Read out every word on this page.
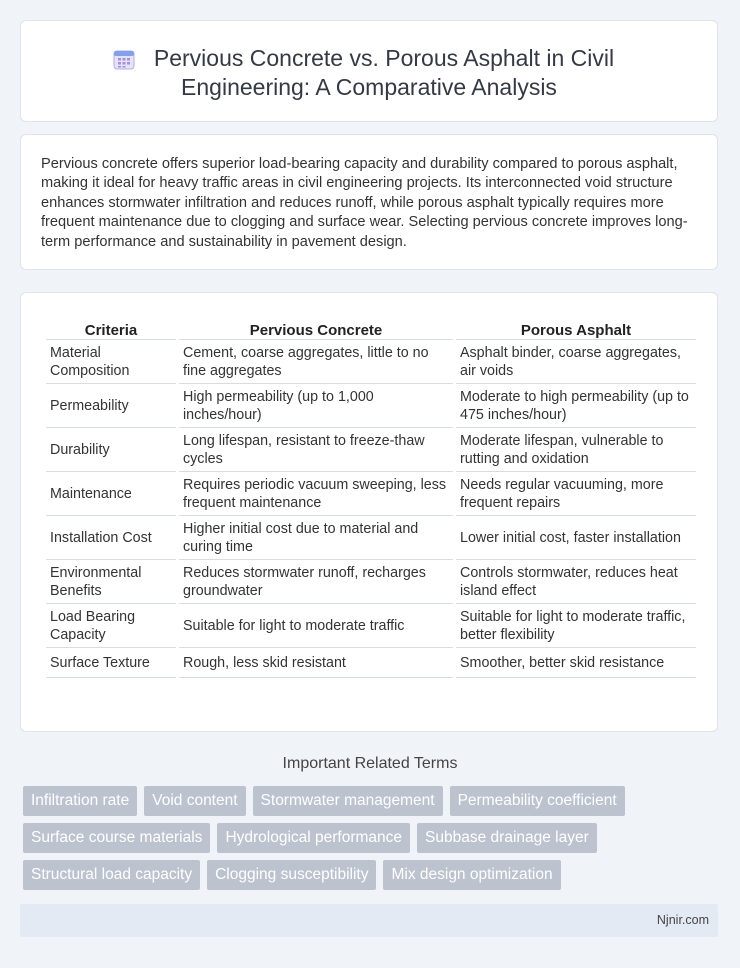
Pervious Concrete vs. Porous Asphalt in Civil
Engineering: A Comparative Analysis
Pervious concrete offers superior load-bearing capacity and durability compared to porous asphalt, making it ideal for heavy traffic areas in civil engineering projects. Its interconnected void structure enhances stormwater infiltration and reduces runoff, while porous asphalt typically requires more frequent maintenance due to clogging and surface wear. Selecting pervious concrete improves long-term performance and sustainability in pavement design.
Criteria	Pervious Concrete	Porous Asphalt
Material Composition	Cement, coarse aggregates, little to no fine aggregates	Asphalt binder, coarse aggregates, air voids
Permeability	High permeability (up to 1,000 inches/hour)	Moderate to high permeability (up to 475 inches/hour)
Durability	Long lifespan, resistant to freeze-thaw cycles	Moderate lifespan, vulnerable to rutting and oxidation
Maintenance	Requires periodic vacuum sweeping, less frequent maintenance	Needs regular vacuuming, more frequent repairs
Installation Cost	Higher initial cost due to material and curing time	Lower initial cost, faster installation
Environmental Benefits	Reduces stormwater runoff, recharges groundwater	Controls stormwater, reduces heat island effect
Load Bearing Capacity	Suitable for light to moderate traffic	Suitable for light to moderate traffic, better flexibility
Surface Texture	Rough, less skid resistant	Smoother, better skid resistance
Important Related Terms
Infiltration rate	Void content	Stormwater management	Permeability coefficient
Surface course materials	Hydrological performance	Subbase drainage layer
Structural load capacity	Clogging susceptibility	Mix design optimization
Njnir.com
